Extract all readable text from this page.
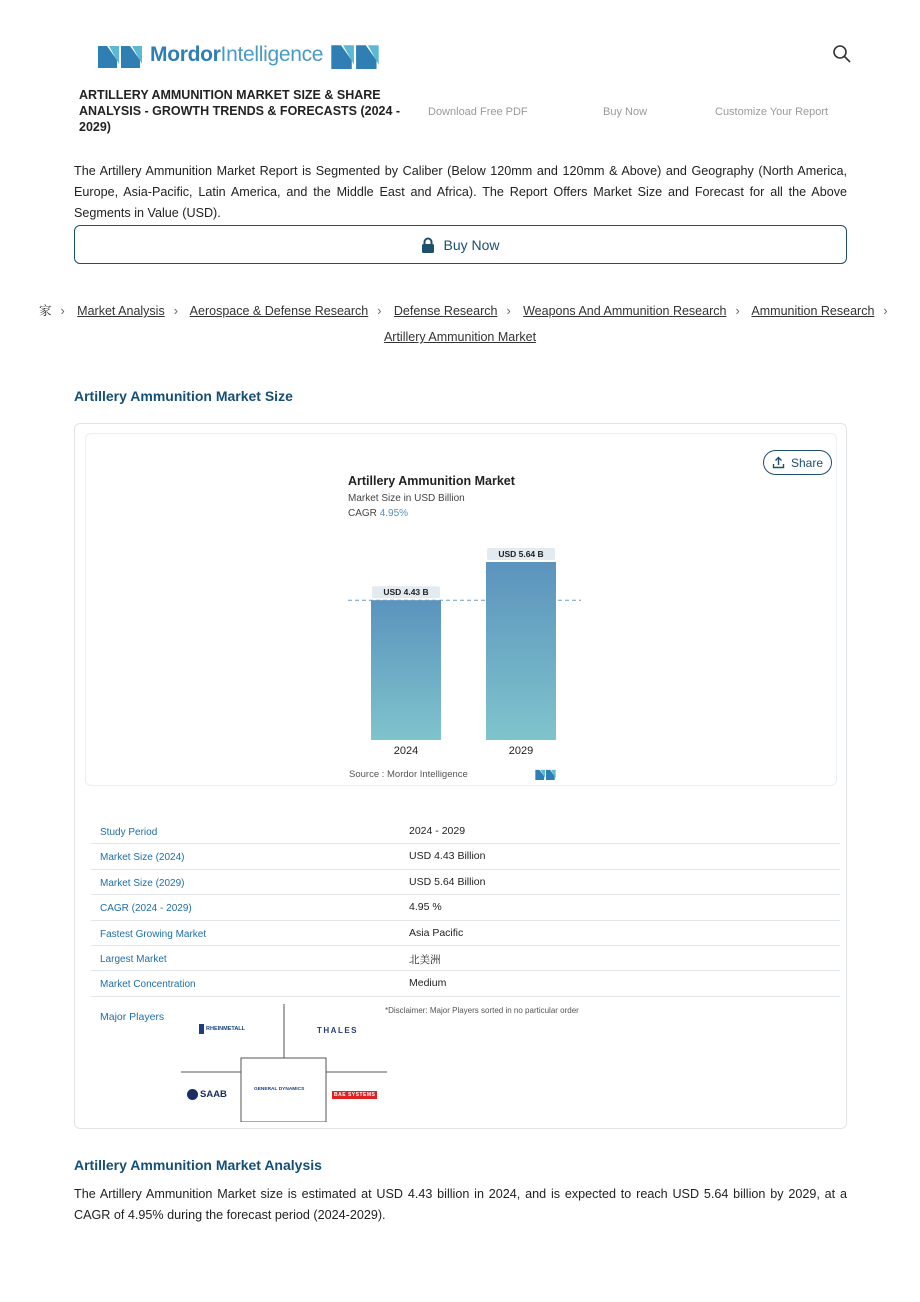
MordorIntelligence
ARTILLERY AMMUNITION MARKET SIZE & SHARE ANALYSIS - GROWTH TRENDS & FORECASTS (2024 - 2029)
Download Free PDF	Buy Now	Customize Your Report

The Artillery Ammunition Market Report is Segmented by Caliber (Below 120mm and 120mm & Above) and Geography (North America, Europe, Asia-Pacific, Latin America, and the Middle East and Africa). The Report Offers Market Size and Forecast for all the Above Segments in Value (USD).

Buy Now
家 › Market Analysis › Aerospace & Defense Research › Defense Research › Weapons And Ammunition Research › Ammunition Research ›
Artillery Ammunition Market
Artillery Ammunition Market Size
Share
Artillery Ammunition Market
Market Size in USD Billion
CAGR 4.95%
USD 4.43 B
2024
USD 5.64 B
2029
Source : Mordor Intelligence
Study Period	2024 - 2029
Market Size (2024)	USD 4.43 Billion
Market Size (2029)	USD 5.64 Billion
CAGR (2024 - 2029)	4.95 %
Fastest Growing Market	Asia Pacific
Largest Market	北美洲
Market Concentration	Medium
Major Players
*Disclaimer: Major Players sorted in no particular order
RHEINMETALL	THALES
SAAB	GENERAL DYNAMICS
BAE SYSTEMS
Artillery Ammunition Market Analysis

The Artillery Ammunition Market size is estimated at USD 4.43 billion in 2024, and is expected to reach USD 5.64 billion by 2029, at a CAGR of 4.95% during the forecast period (2024-2029).
